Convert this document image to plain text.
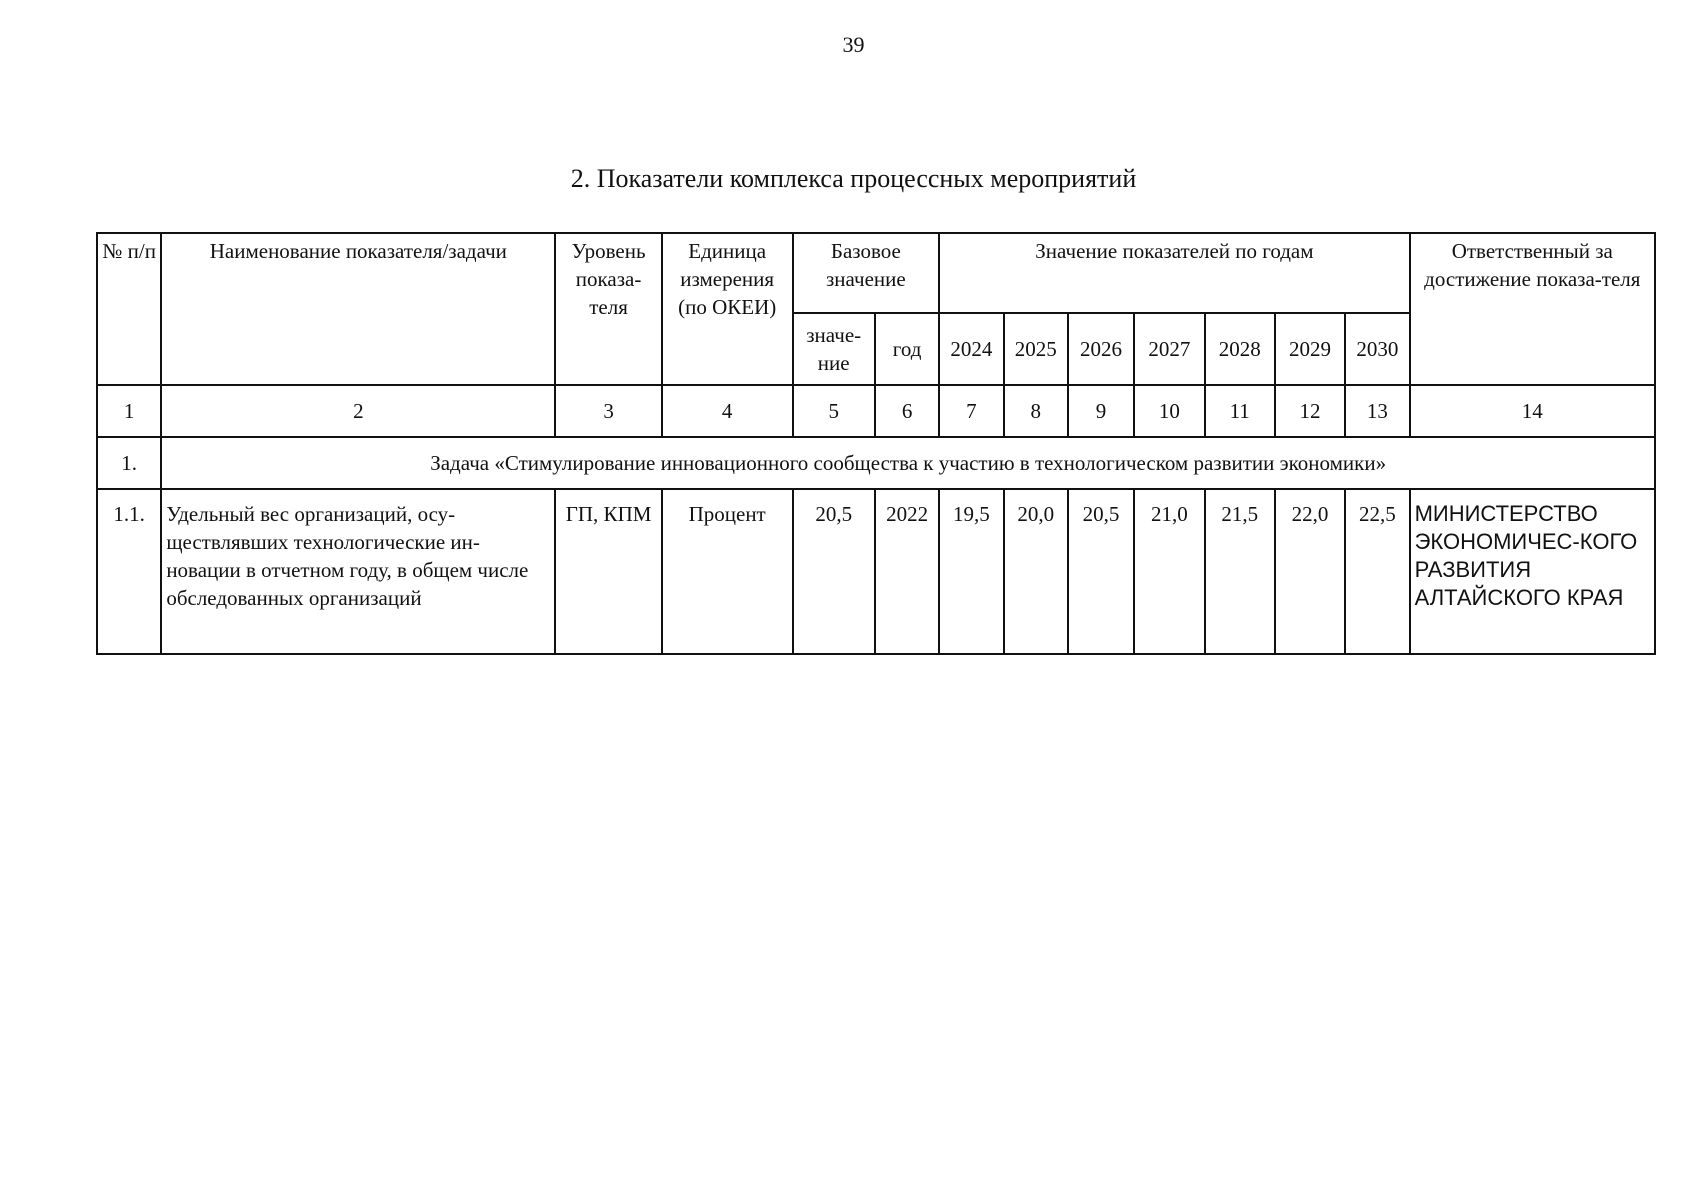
39
2. Показатели комплекса процессных мероприятий
№ п/п	Наименование показателя/задачи	Уровень показа-теля	Единица измерения (по ОКЕИ)	Базовое значение		Значение показателей по годам							Ответственный за достижение показа-теля
				значе-ние	год	2024	2025	2026	2027	2028	2029	2030	
1	2	3	4	5	6	7	8	9	10	11	12	13	14
1.	Задача «Стимулирование инновационного сообщества к участию в технологическом развитии экономики»												
1.1.	Удельный вес организаций, осу-ществлявших технологические ин-новации в отчетном году, в общем числе обследованных организаций	ГП, КПМ	Процент	20,5	2022	19,5	20,0	20,5	21,0	21,5	22,0	22,5	МИНИСТЕРСТВО ЭКОНОМИЧЕС-КОГО РАЗВИТИЯ АЛТАЙСКОГО КРАЯ
